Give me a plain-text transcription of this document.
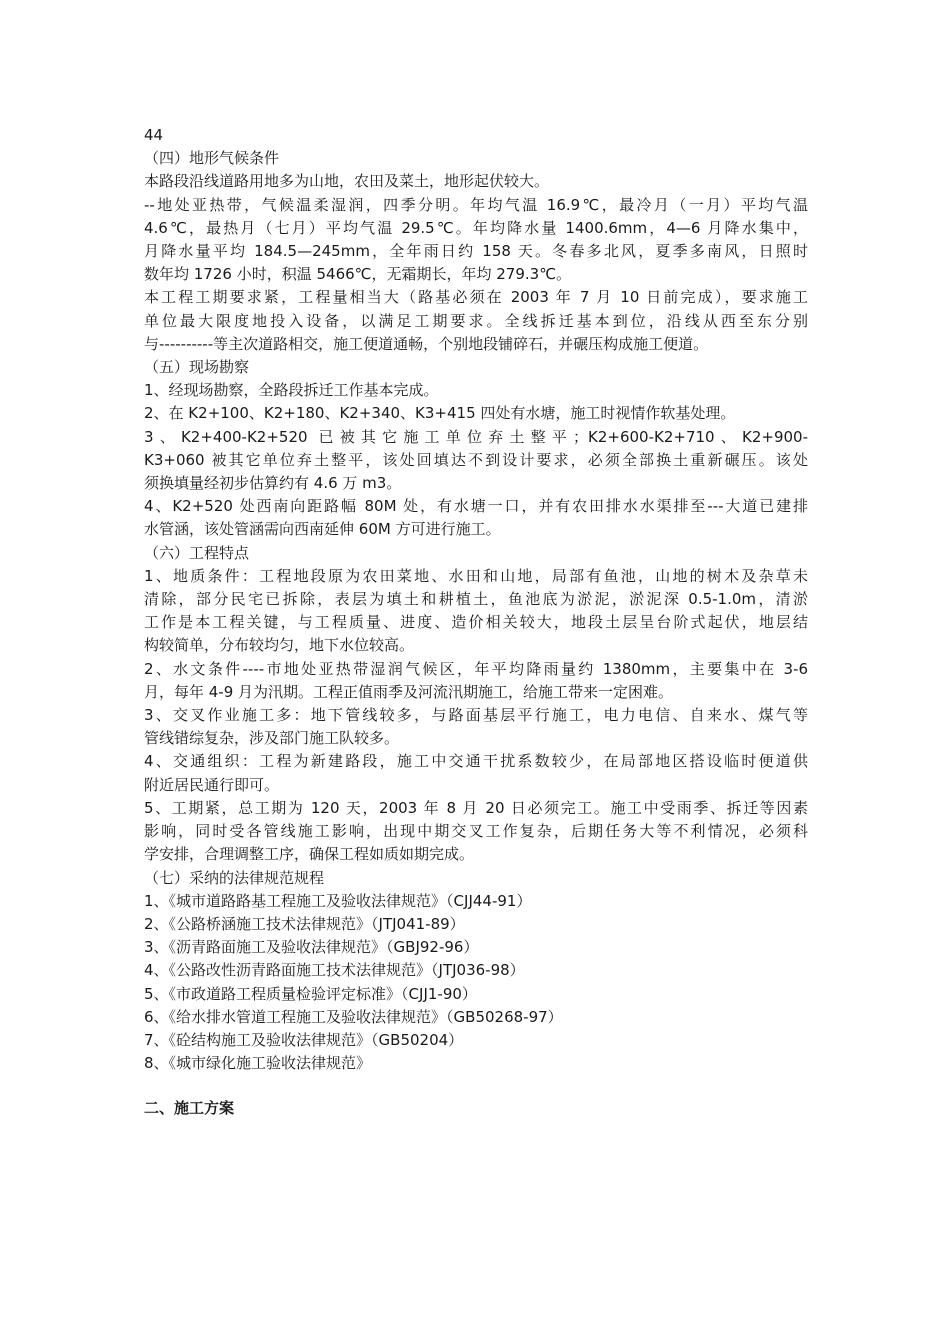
44
（四）地形气候条件
本路段沿线道路用地多为山地，农田及菜土，地形起伏较大。
--地处亚热带，气候温柔湿润，四季分明。年均气温 16.9℃，最冷月（一月）平均气温
4.6℃，最热月（七月）平均气温 29.5℃。年均降水量 1400.6mm，4—6 月降水集中，
月降水量平均 184.5—245mm，全年雨日约 158 天。冬春多北风，夏季多南风，日照时
数年均 1726 小时，积温 5466℃，无霜期长，年均 279.3℃。
本工程工期要求紧，工程量相当大（路基必须在 2003 年 7 月 10 日前完成），要求施工
单位最大限度地投入设备，以满足工期要求。全线拆迁基本到位，沿线从西至东分别
与----------等主次道路相交，施工便道通畅，个别地段铺碎石，并碾压构成施工便道。
（五）现场勘察
1、经现场勘察，全路段拆迁工作基本完成。
2、在 K2+100、K2+180、K2+340、K3+415 四处有水塘，施工时视情作软基处理。
3、K2+400-K2+520 已被其它施工单位弃土整平；K2+600-K2+710、K2+900-
K3+060 被其它单位弃土整平，该处回填达不到设计要求，必须全部换土重新碾压。该处
须换填量经初步估算约有 4.6 万 m3。
4、K2+520 处西南向距路幅 80M 处，有水塘一口，并有农田排水水渠排至---大道已建排
水管涵，该处管涵需向西南延伸 60M 方可进行施工。
（六）工程特点
1、地质条件：工程地段原为农田菜地、水田和山地，局部有鱼池，山地的树木及杂草未
清除，部分民宅已拆除，表层为填土和耕植土，鱼池底为淤泥，淤泥深 0.5-1.0m，清淤
工作是本工程关键，与工程质量、进度、造价相关较大，地段土层呈台阶式起伏，地层结
构较简单，分布较均匀，地下水位较高。
2、水文条件----市地处亚热带湿润气候区，年平均降雨量约 1380mm，主要集中在 3-6
月，每年 4-9 月为汛期。工程正值雨季及河流汛期施工，给施工带来一定困难。
3、交叉作业施工多：地下管线较多，与路面基层平行施工，电力电信、自来水、煤气等
管线错综复杂，涉及部门施工队较多。
4、交通组织：工程为新建路段，施工中交通干扰系数较少，在局部地区搭设临时便道供
附近居民通行即可。
5、工期紧，总工期为 120 天，2003 年 8 月 20 日必须完工。施工中受雨季、拆迁等因素
影响，同时受各管线施工影响，出现中期交叉工作复杂，后期任务大等不利情况，必须科
学安排，合理调整工序，确保工程如质如期完成。
（七）采纳的法律规范规程
1、《城市道路路基工程施工及验收法律规范》（CJJ44-91）
2、《公路桥涵施工技术法律规范》（JTJ041-89）
3、《沥青路面施工及验收法律规范》（GBJ92-96）
4、《公路改性沥青路面施工技术法律规范》（JTJ036-98）
5、《市政道路工程质量检验评定标准》（CJJ1-90）
6、《给水排水管道工程施工及验收法律规范》（GB50268-97）
7、《砼结构施工及验收法律规范》（GB50204）
8、《城市绿化施工验收法律规范》
二、施工方案
